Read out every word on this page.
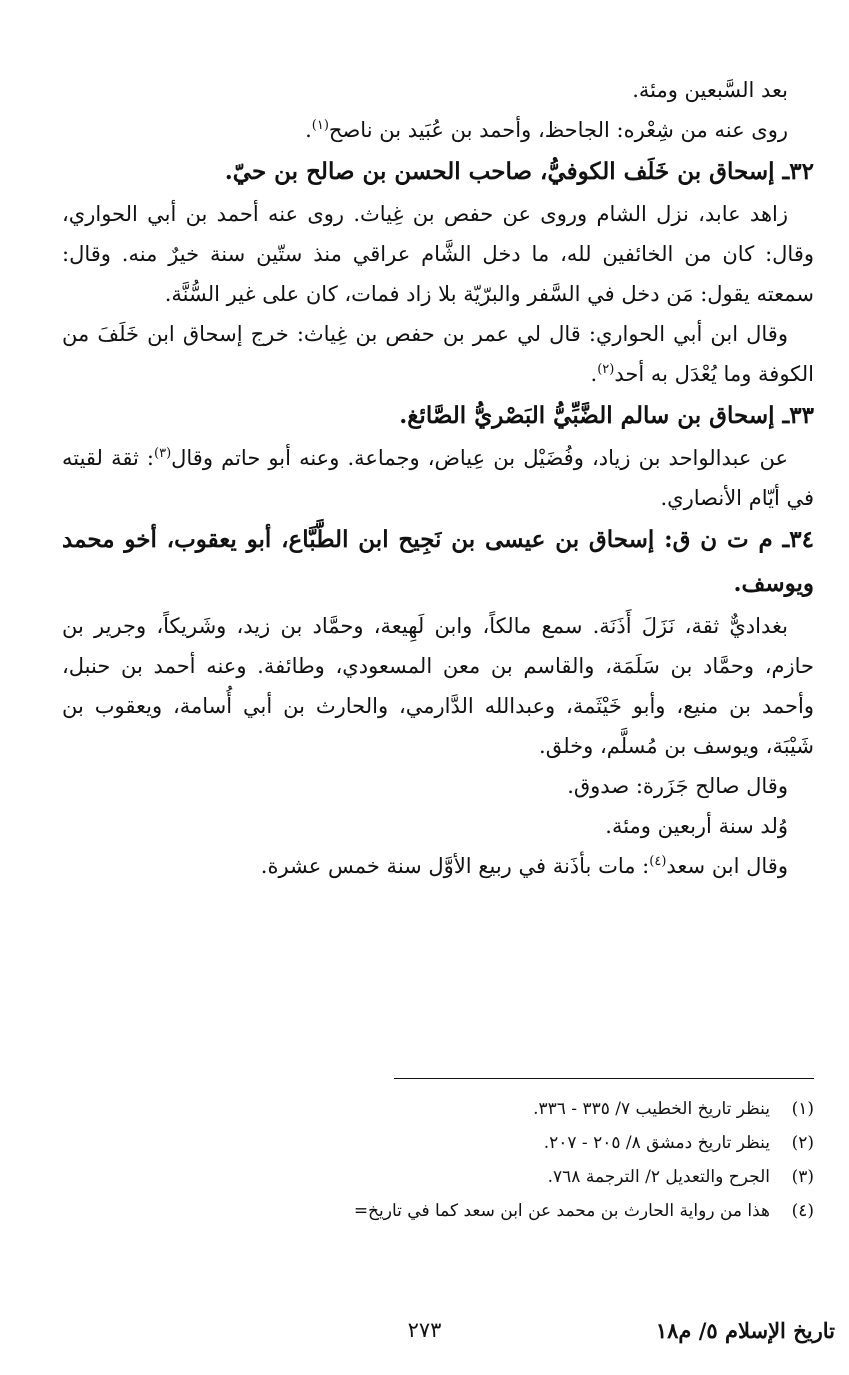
بعد السَّبعين ومئة.

روى عنه من شِعْره: الجاحظ، وأحمد بن عُبَيد بن ناصح$^{(١)}$.

٣٢ـ إسحاق بن خَلَف الكوفيُّ، صاحب الحسن بن صالح بن حيّ.

زاهد عابد، نزل الشام وروى عن حفص بن غِياث. روى عنه أحمد بن أبي الحواري، وقال: كان من الخائفين لله، ما دخل الشَّام عراقي منذ ستّين سنة خيرٌ منه. وقال: سمعته يقول: مَن دخل في السَّفر والبرّيّة بلا زاد فمات، كان على غير السُّنَّة.

وقال ابن أبي الحواري: قال لي عمر بن حفص بن غِياث: خرج إسحاق ابن خَلَفَ من الكوفة وما يُعْدَل به أحد$^{(٢)}$.

٣٣ـ إسحاق بن سالم الضَّبِّيُّ البَصْريُّ الصَّائغ.

عن عبدالواحد بن زياد، وفُضَيْل بن عِياض، وجماعة. وعنه أبو حاتم وقال$^{(٣)}$: ثقة لقيته في أيّام الأنصاري.

٣٤ـ م ت ن ق: إسحاق بن عيسى بن نَجِيح ابن الطَّبَّاع، أبو يعقوب، أخو محمد ويوسف.

بغداديٌّ ثقة، نَزَلَ أَذَنَة. سمع مالكاً، وابن لَهِيعة، وحمَّاد بن زيد، وشَريكاً، وجرير بن حازم، وحمَّاد بن سَلَمَة، والقاسم بن معن المسعودي، وطائفة. وعنه أحمد بن حنبل، وأحمد بن منيع، وأبو خَيْثَمة، وعبدالله الدَّارمي، والحارث بن أبي أُسامة، ويعقوب بن شَيْبَة، ويوسف بن مُسلَّم، وخلق.

وقال صالح جَزَرة: صدوق.

وُلد سنة أربعين ومئة.

وقال ابن سعد$^{(٤)}$: مات بأذَنة في ربيع الأوَّل سنة خمس عشرة.

(١)
ينظر تاريخ الخطيب ٧/ ٣٣٥ - ٣٣٦.
(٢)
ينظر تاريخ دمشق ٨/ ٢٠٥ - ٢٠٧.
(٣)
الجرح والتعديل ٢/ الترجمة ٧٦٨.
(٤)
هذا من رواية الحارث بن محمد عن ابن سعد كما في تاريخ=
تاريخ الإسلام ٥/ م١٨
٢٧٣
